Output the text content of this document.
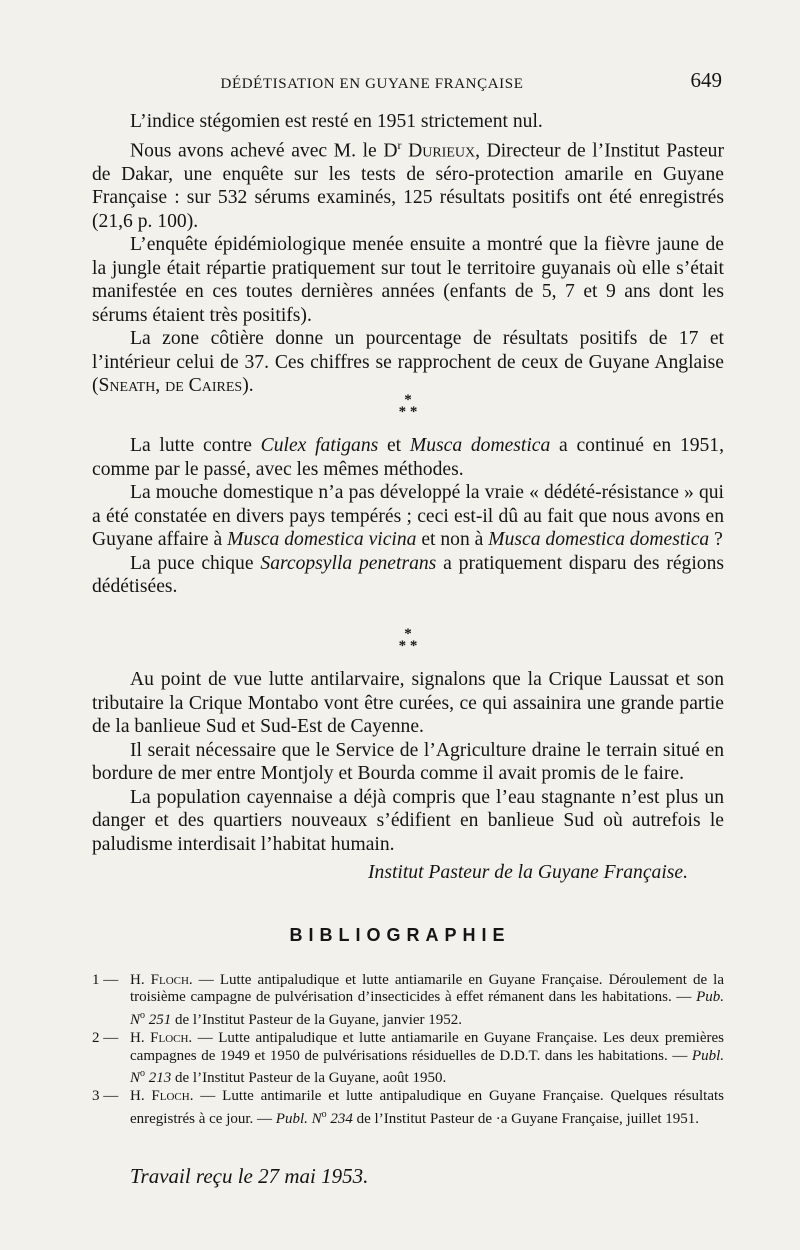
DÉDÉTISATION EN GUYANE FRANÇAISE	649

L’indice stégomien est resté en 1951 strictement nul.

Nous avons achevé avec M. le $D^r$ Durieux, Directeur de l’Institut Pasteur de Dakar, une enquête sur les tests de séro-protection amarile en Guyane Française : sur 532 sérums examinés, 125 résultats positifs ont été enregistrés (21,6 p. 100).

L’enquête épidémiologique menée ensuite a montré que la fièvre jaune de la jungle était répartie pratiquement sur tout le territoire guyanais où elle s’était manifestée en ces toutes dernières années (enfants de 5, 7 et 9 ans dont les sérums étaient très positifs).

La zone côtière donne un pourcentage de résultats positifs de 17 et l’intérieur celui de 37. Ces chiffres se rapprochent de ceux de Guyane Anglaise (Sneath, de Caires).

*
* *

La lutte contre Culex fatigans et Musca domestica a continué en 1951, comme par le passé, avec les mêmes méthodes.

La mouche domestique n’a pas développé la vraie « dédété-résistance » qui a été constatée en divers pays tempérés ; ceci est-il dû au fait que nous avons en Guyane affaire à Musca domestica vicina et non à Musca domestica domestica ?

La puce chique Sarcopsylla penetrans a pratiquement disparu des régions dédétisées.

*
* *

Au point de vue lutte antilarvaire, signalons que la Crique Laussat et son tributaire la Crique Montabo vont être curées, ce qui assainira une grande partie de la banlieue Sud et Sud-Est de Cayenne.

Il serait nécessaire que le Service de l’Agriculture draine le terrain situé en bordure de mer entre Montjoly et Bourda comme il avait promis de le faire.

La population cayennaise a déjà compris que l’eau stagnante n’est plus un danger et des quartiers nouveaux s’édifient en banlieue Sud où autrefois le paludisme interdisait l’habitat humain.

Institut Pasteur de la Guyane Française.
BIBLIOGRAPHIE
1 — H. Floch. — Lutte antipaludique et lutte antiamarile en Guyane Française. Déroulement de la troisième campagne de pulvérisation d’insecticides à effet rémanent dans les habitations. — Pub. $N^o$ 251 de l’Institut Pasteur de la Guyane, janvier 1952.
2 — H. Floch. — Lutte antipaludique et lutte antiamarile en Guyane Française. Les deux premières campagnes de 1949 et 1950 de pulvérisations résiduelles de D.D.T. dans les habitations. — Publ. $N^o$ 213 de l’Institut Pasteur de la Guyane, août 1950.
3 — H. Floch. — Lutte antimarile et lutte antipaludique en Guyane Française. Quelques résultats enregistrés à ce jour. — Publ. $N^o$ 234 de l’Institut Pasteur de ·a Guyane Française, juillet 1951.
Travail reçu le 27 mai 1953.
